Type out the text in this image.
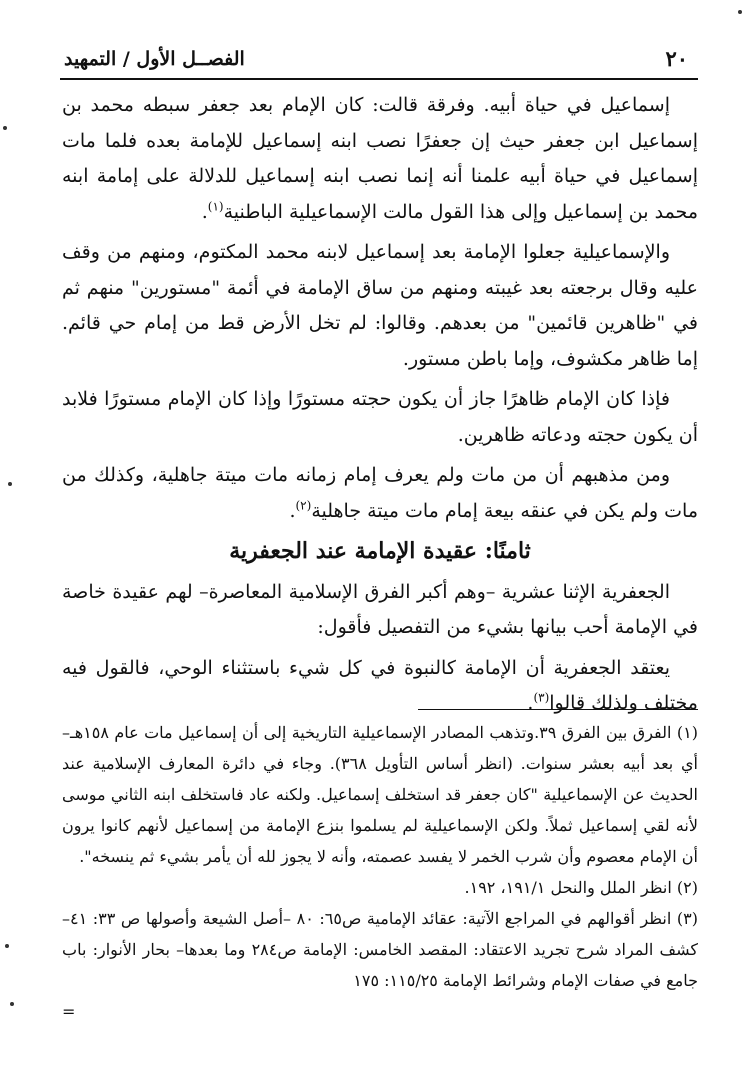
٢٠
الفصــل الأول / التمهيد

إسماعيل في حياة أبيه. وفرقة قالت: كان الإمام بعد جعفر سبطه محمد بن إسماعيل ابن جعفر حيث إن جعفرًا نصب ابنه إسماعيل للإمامة بعده فلما مات إسماعيل في حياة أبيه علمنا أنه إنما نصب ابنه إسماعيل للدلالة على إمامة ابنه محمد بن إسماعيل وإلى هذا القول مالت الإسماعيلية الباطنية$^{(١)}$.

والإسماعيلية جعلوا الإمامة بعد إسماعيل لابنه محمد المكتوم، ومنهم من وقف عليه وقال برجعته بعد غيبته ومنهم من ساق الإمامة في أئمة "مستورين" منهم ثم في "ظاهرين قائمين" من بعدهم. وقالوا: لم تخل الأرض قط من إمام حي قائم. إما ظاهر مكشوف، وإما باطن مستور.

فإذا كان الإمام ظاهرًا جاز أن يكون حجته مستورًا وإذا كان الإمام مستورًا فلابد أن يكون حجته ودعاته ظاهرين.

ومن مذهبهم أن من مات ولم يعرف إمام زمانه مات ميتة جاهلية، وكذلك من مات ولم يكن في عنقه بيعة إمام مات ميتة جاهلية$^{(٢)}$.

ثامنًا: عقيدة الإمامة عند الجعفرية

الجعفرية الإثنا عشرية –وهم أكبر الفرق الإسلامية المعاصرة– لهم عقيدة خاصة في الإمامة أحب بيانها بشيء من التفصيل فأقول:

يعتقد الجعفرية أن الإمامة كالنبوة في كل شيء باستثناء الوحي، فالقول فيه مختلف ولذلك قالوا$^{(٣)}$.

(١) الفرق بين الفرق ٣٩.وتذهب المصادر الإسماعيلية التاريخية إلى أن إسماعيل مات عام ١٥٨هـ– أي بعد أبيه بعشر سنوات. (انظر أساس التأويل ٣٦٨). وجاء في دائرة المعارف الإسلامية عند الحديث عن الإسماعيلية "كان جعفر قد استخلف إسماعيل. ولكنه عاد فاستخلف ابنه الثاني موسى لأنه لقي إسماعيل ثملاً. ولكن الإسماعيلية لم يسلموا بنزع الإمامة من إسماعيل لأنهم كانوا يرون أن الإمام معصوم وأن شرب الخمر لا يفسد عصمته، وأنه لا يجوز لله أن يأمر بشيء ثم ينسخه".
(٢) انظر الملل والنحل ١٩١/١، ١٩٢.
(٣) انظر أقوالهم في المراجع الآتية: عقائد الإمامية ص٦٥: ٨٠ –أصل الشيعة وأصولها ص ٣٣: ٤١– كشف المراد شرح تجريد الاعتقاد: المقصد الخامس: الإمامة ص٢٨٤ وما بعدها– بحار الأنوار: باب جامع في صفات الإمام وشرائط الإمامة ١١٥/٢٥: ١٧٥
=
